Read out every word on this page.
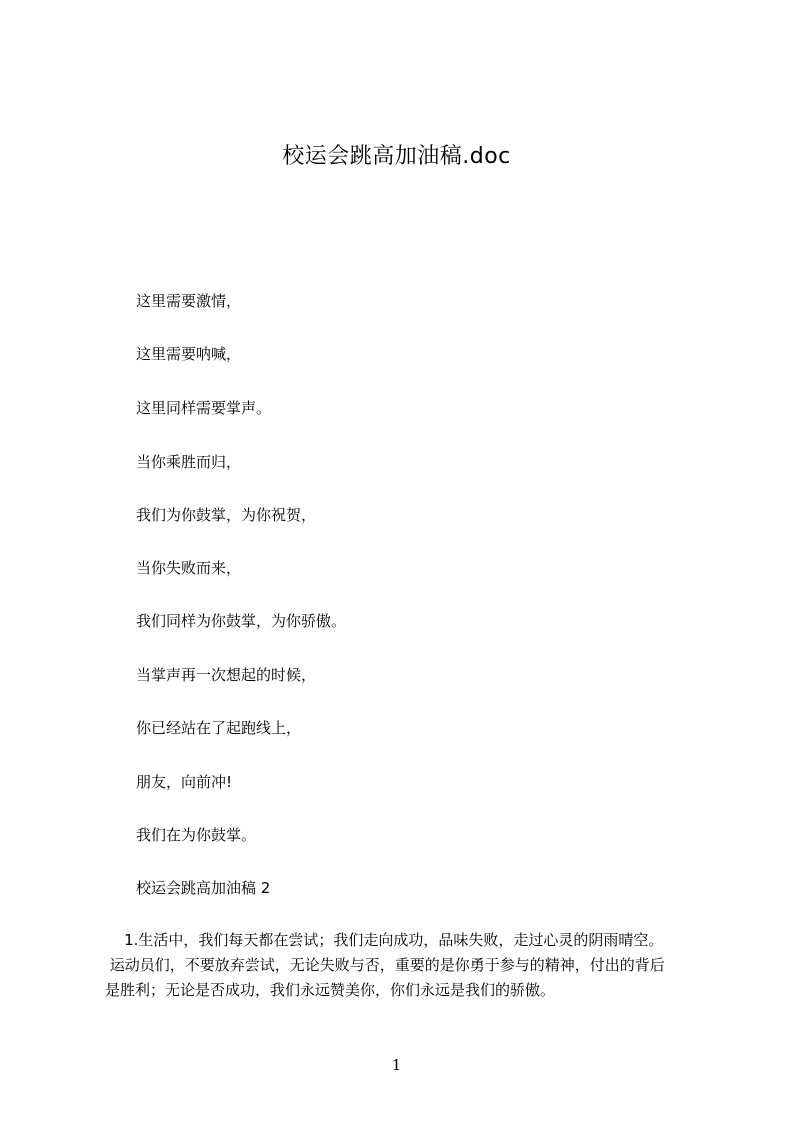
校运会跳高加油稿.doc
这里需要激情，
这里需要呐喊，
这里同样需要掌声。
当你乘胜而归，
我们为你鼓掌，为你祝贺，
当你失败而来，
我们同样为你鼓掌，为你骄傲。
当掌声再一次想起的时候，
你已经站在了起跑线上，
朋友，向前冲!
我们在为你鼓掌。
校运会跳高加油稿 2
1.生活中，我们每天都在尝试；我们走向成功，品味失败，走过心灵的阴雨晴空。
运动员们，不要放弃尝试，无论失败与否，重要的是你勇于参与的精神，付出的背后
是胜利；无论是否成功，我们永远赞美你，你们永远是我们的骄傲。
1
